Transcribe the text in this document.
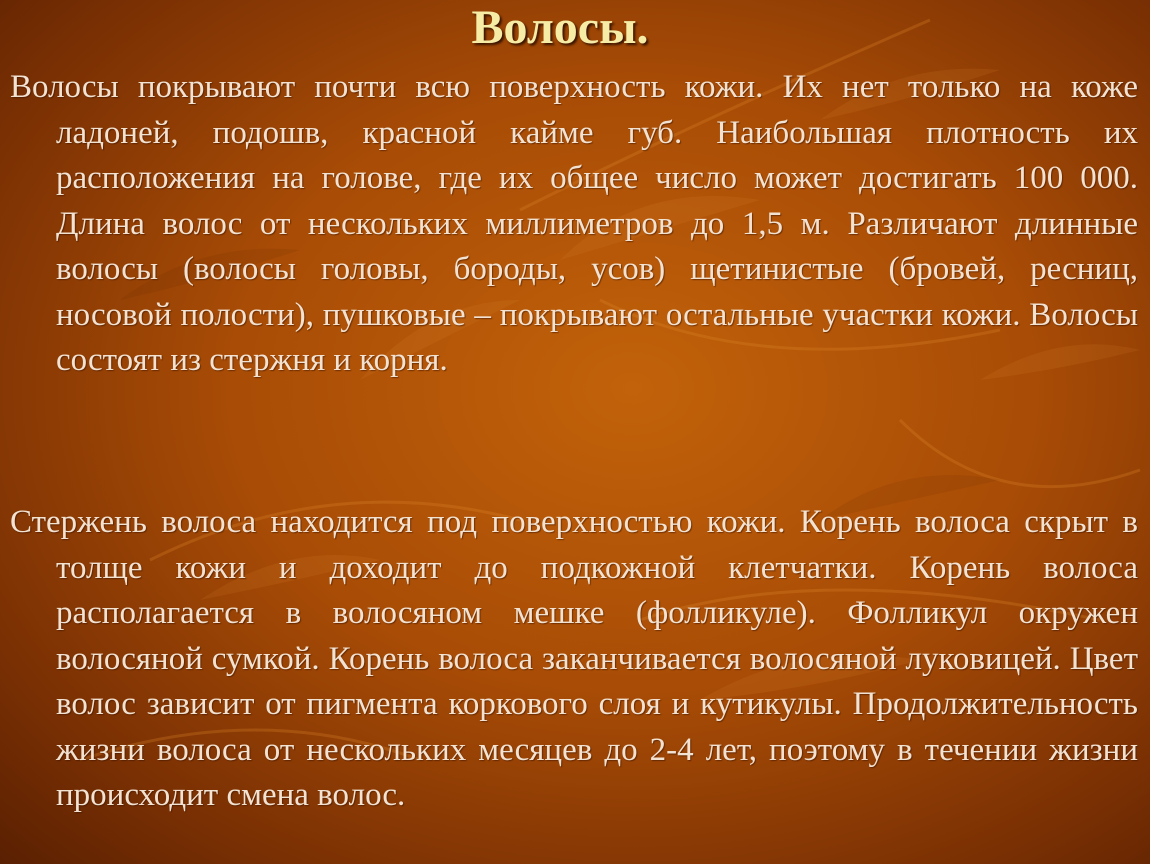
Волосы.
Волосы покрывают почти всю поверхность кожи. Их нет только на коже ладоней, подошв, красной кайме губ. Наибольшая плотность их расположения на голове, где их общее число может достигать 100 000. Длина волос от нескольких миллиметров до 1,5 м. Различают длинные волосы (волосы головы, бороды, усов) щетинистые (бровей, ресниц, носовой полости), пушковые – покрывают остальные участки кожи. Волосы состоят из стержня и корня.
Стержень волоса находится под поверхностью кожи. Корень волоса скрыт в толще кожи и доходит до подкожной клетчатки. Корень волоса располагается в волосяном мешке (фолликуле). Фолликул окружен волосяной сумкой. Корень волоса заканчивается волосяной луковицей. Цвет волос зависит от пигмента коркового слоя и кутикулы. Продолжительность жизни волоса от нескольких месяцев до 2-4 лет, поэтому в течении жизни происходит смена волос.
